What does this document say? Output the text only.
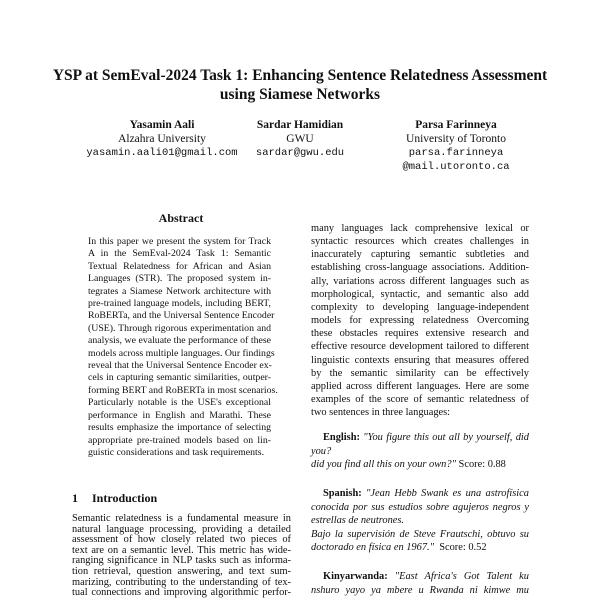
YSP at SemEval-2024 Task 1: Enhancing Sentence Relatedness Assessment
using Siamese Networks
Yasamin Aali
Alzahra University
yasamin.aali01@gmail.com
Sardar Hamidian
GWU
sardar@gwu.edu
Parsa Farinneya
University of Toronto
parsa.farinneya
@mail.utoronto.ca
Abstract
In this paper we present the system for Track
A in the SemEval-2024 Task 1: Semantic
Textual Relatedness for African and Asian
Languages (STR). The proposed system in-
tegrates a Siamese Network architecture with
pre-trained language models, including BERT,
RoBERTa, and the Universal Sentence Encoder
(USE). Through rigorous experimentation and
analysis, we evaluate the performance of these
models across multiple languages. Our findings
reveal that the Universal Sentence Encoder ex-
cels in capturing semantic similarities, outper-
forming BERT and RoBERTa in most scenarios.
Particularly notable is the USE's exceptional
performance in English and Marathi. These
results emphasize the importance of selecting
appropriate pre-trained models based on lin-
guistic considerations and task requirements.
1 Introduction
Semantic relatedness is a fundamental measure in
natural language processing, providing a detailed
assessment of how closely related two pieces of
text are on a semantic level. This metric has wide-
ranging significance in NLP tasks such as informa-
tion retrieval, question answering, and text sum-
marizing, contributing to the understanding of tex-
tual connections and improving algorithmic perfor-
many languages lack comprehensive lexical or
syntactic resources which creates challenges in
inaccurately capturing semantic subtleties and
establishing cross-language associations. Addition-
ally, variations across different languages such as
morphological, syntactic, and semantic also add
complexity to developing language-independent
models for expressing relatedness Overcoming
these obstacles requires extensive research and
effective resource development tailored to different
linguistic contexts ensuring that measures offered
by the semantic similarity can be effectively
applied across different languages. Here are some
examples of the score of semantic relatedness of
two sentences in three languages:
English: "You figure this out all by yourself, did
you?
did you find all this on your own?" Score: 0.88
Spanish: "Jean Hebb Swank es una astrofísica
conocida por sus estudios sobre agujeros negros y
estrellas de neutrones.
Bajo la supervisión de Steve Frautschi, obtuvo su
doctorado en física en 1967." Score: 0.52
Kinyarwanda: "East Africa's Got Talent ku
nshuro yayo ya mbere u Rwanda ni kimwe mu
